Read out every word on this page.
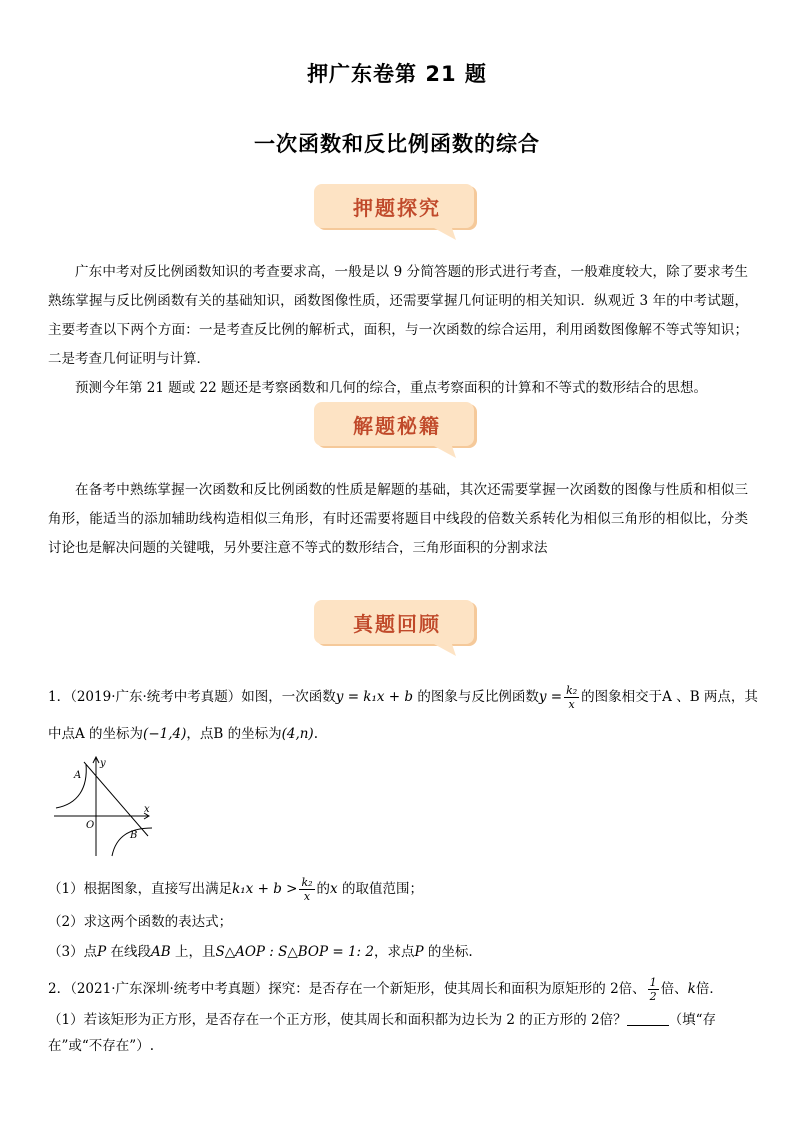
押广东卷第 21 题
一次函数和反比例函数的综合
押题探究

广东中考对反比例函数知识的考查要求高，一般是以 9 分简答题的形式进行考查，一般难度较大，除了要求考生熟练掌握与反比例函数有关的基础知识，函数图像性质，还需要掌握几何证明的相关知识．纵观近 3 年的中考试题，主要考查以下两个方面：一是考查反比例的解析式，面积，与一次函数的综合运用，利用函数图像解不等式等知识；二是考查几何证明与计算．

预测今年第 21 题或 22 题还是考察函数和几何的综合，重点考察面积的计算和不等式的数形结合的思想。

解题秘籍

在备考中熟练掌握一次函数和反比例函数的性质是解题的基础，其次还需要掌握一次函数的图像与性质和相似三角形，能适当的添加辅助线构造相似三角形，有时还需要将题目中线段的倍数关系转化为相似三角形的相似比，分类讨论也是解决问题的关键哦，另外要注意不等式的数形结合，三角形面积的分割求法

真题回顾
1．（2019·广东·统考中考真题）如图，一次函数y = k₁x + b 的图象与反比例函数$y = \frac{\text{k₂}}{x}$ 的图象相交于A 、B 两点，其
中点A 的坐标为(−1,4)，点B 的坐标为(4,n).
y
x
O
A
B
（1）根据图象，直接写出满足$k_1x + b > \frac{\text{k₂}}{x}$ 的x 的取值范围；
（2）求这两个函数的表达式；
（3）点P 在线段AB 上，且S△AOP : S△BOP = 1: 2，求点P 的坐标.
2．（2021·广东深圳·统考中考真题）探究：是否存在一个新矩形，使其周长和面积为原矩形的 2倍、 $\frac{1}{2}$ 倍、k倍．
（1）若该矩形为正方形，是否存在一个正方形，使其周长和面积都为边长为 2 的正方形的 2倍？	（填“存
在”或“不存在”）.
